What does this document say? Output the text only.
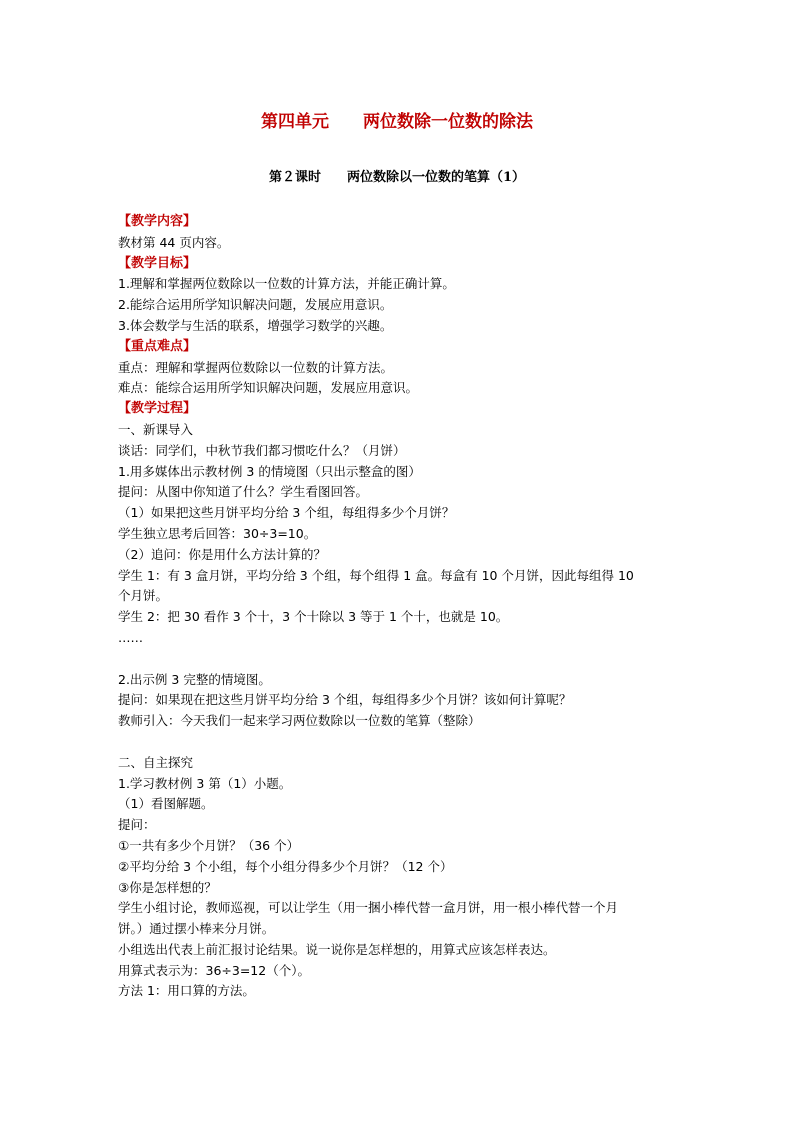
第四单元　　两位数除一位数的除法
第２课时　　两位数除以一位数的笔算（1）
【教学内容】
教材第 44 页内容。
【教学目标】
1.理解和掌握两位数除以一位数的计算方法，并能正确计算。
2.能综合运用所学知识解决问题，发展应用意识。
3.体会数学与生活的联系，增强学习数学的兴趣。
【重点难点】
重点：理解和掌握两位数除以一位数的计算方法。
难点：能综合运用所学知识解决问题，发展应用意识。
【教学过程】
一、新课导入
谈话：同学们，中秋节我们都习惯吃什么？（月饼）
1.用多媒体出示教材例 3 的情境图（只出示整盒的图）
提问：从图中你知道了什么？学生看图回答。
（1）如果把这些月饼平均分给 3 个组，每组得多少个月饼？
学生独立思考后回答：30÷3=10。
（2）追问：你是用什么方法计算的？
学生 1：有 3 盒月饼，平均分给 3 个组，每个组得 1 盒。每盒有 10 个月饼，因此每组得 10
个月饼。
学生 2：把 30 看作 3 个十，3 个十除以 3 等于 1 个十，也就是 10。
……
2.出示例 3 完整的情境图。
提问：如果现在把这些月饼平均分给 3 个组，每组得多少个月饼？该如何计算呢？
教师引入：今天我们一起来学习两位数除以一位数的笔算（整除）
二、自主探究
1.学习教材例 3 第（1）小题。
（1）看图解题。
提问：
①一共有多少个月饼？（36 个）
②平均分给 3 个小组，每个小组分得多少个月饼？（12 个）
③你是怎样想的？
学生小组讨论，教师巡视，可以让学生（用一捆小棒代替一盒月饼，用一根小棒代替一个月
饼。）通过摆小棒来分月饼。
小组选出代表上前汇报讨论结果。说一说你是怎样想的，用算式应该怎样表达。
用算式表示为：36÷3=12（个）。
方法 1：用口算的方法。
